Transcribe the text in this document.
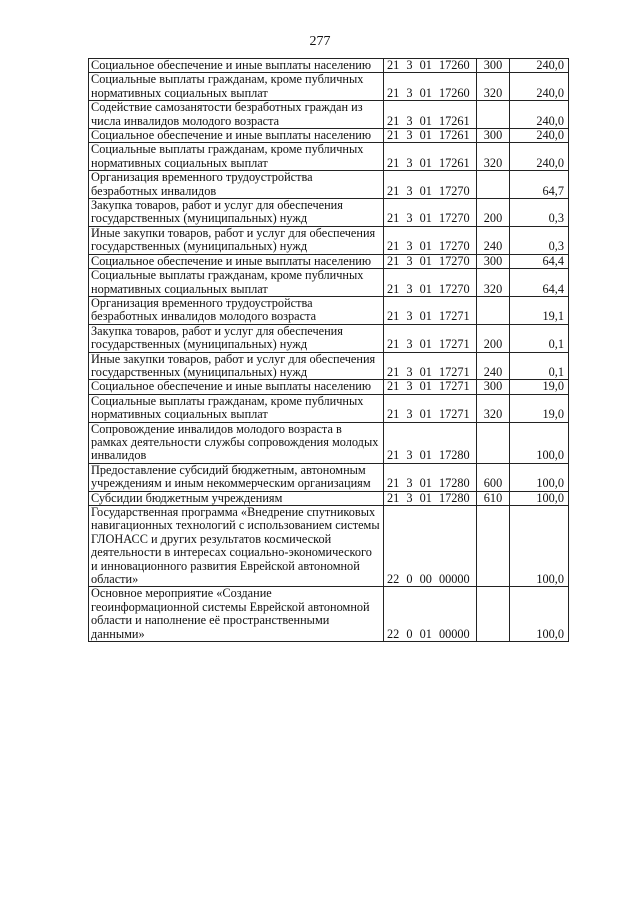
277
Социальное обеспечение и иные выплаты населению	21 3 01 17260	300	240,0
Социальные выплаты гражданам, кроме публичных нормативных социальных выплат	21 3 01 17260	320	240,0
Содействие самозанятости безработных граждан из числа инвалидов молодого возраста	21 3 01 17261		240,0
Социальное обеспечение и иные выплаты населению	21 3 01 17261	300	240,0
Социальные выплаты гражданам, кроме публичных нормативных социальных выплат	21 3 01 17261	320	240,0
Организация временного трудоустройства безработных инвалидов	21 3 01 17270		64,7
Закупка товаров, работ и услуг для обеспечения государственных (муниципальных) нужд	21 3 01 17270	200	0,3
Иные закупки товаров, работ и услуг для обеспечения государственных (муниципальных) нужд	21 3 01 17270	240	0,3
Социальное обеспечение и иные выплаты населению	21 3 01 17270	300	64,4
Социальные выплаты гражданам, кроме публичных нормативных социальных выплат	21 3 01 17270	320	64,4
Организация временного трудоустройства безработных инвалидов молодого возраста	21 3 01 17271		19,1
Закупка товаров, работ и услуг для обеспечения государственных (муниципальных) нужд	21 3 01 17271	200	0,1
Иные закупки товаров, работ и услуг для обеспечения государственных (муниципальных) нужд	21 3 01 17271	240	0,1
Социальное обеспечение и иные выплаты населению	21 3 01 17271	300	19,0
Социальные выплаты гражданам, кроме публичных нормативных социальных выплат	21 3 01 17271	320	19,0
Сопровождение инвалидов молодого возраста в рамках деятельности службы сопровождения молодых инвалидов	21 3 01 17280		100,0
Предоставление субсидий бюджетным, автономным учреждениям и иным некоммерческим организациям	21 3 01 17280	600	100,0
Субсидии бюджетным учреждениям	21 3 01 17280	610	100,0
Государственная программа «Внедрение спутниковых навигационных технологий с использованием системы ГЛОНАСС и других результатов космической деятельности в интересах социально-экономического и инновационного развития Еврейской автономной области»	22 0 00 00000		100,0
Основное мероприятие «Создание геоинформационной системы Еврейской автономной области и наполнение её пространственными данными»	22 0 01 00000		100,0
